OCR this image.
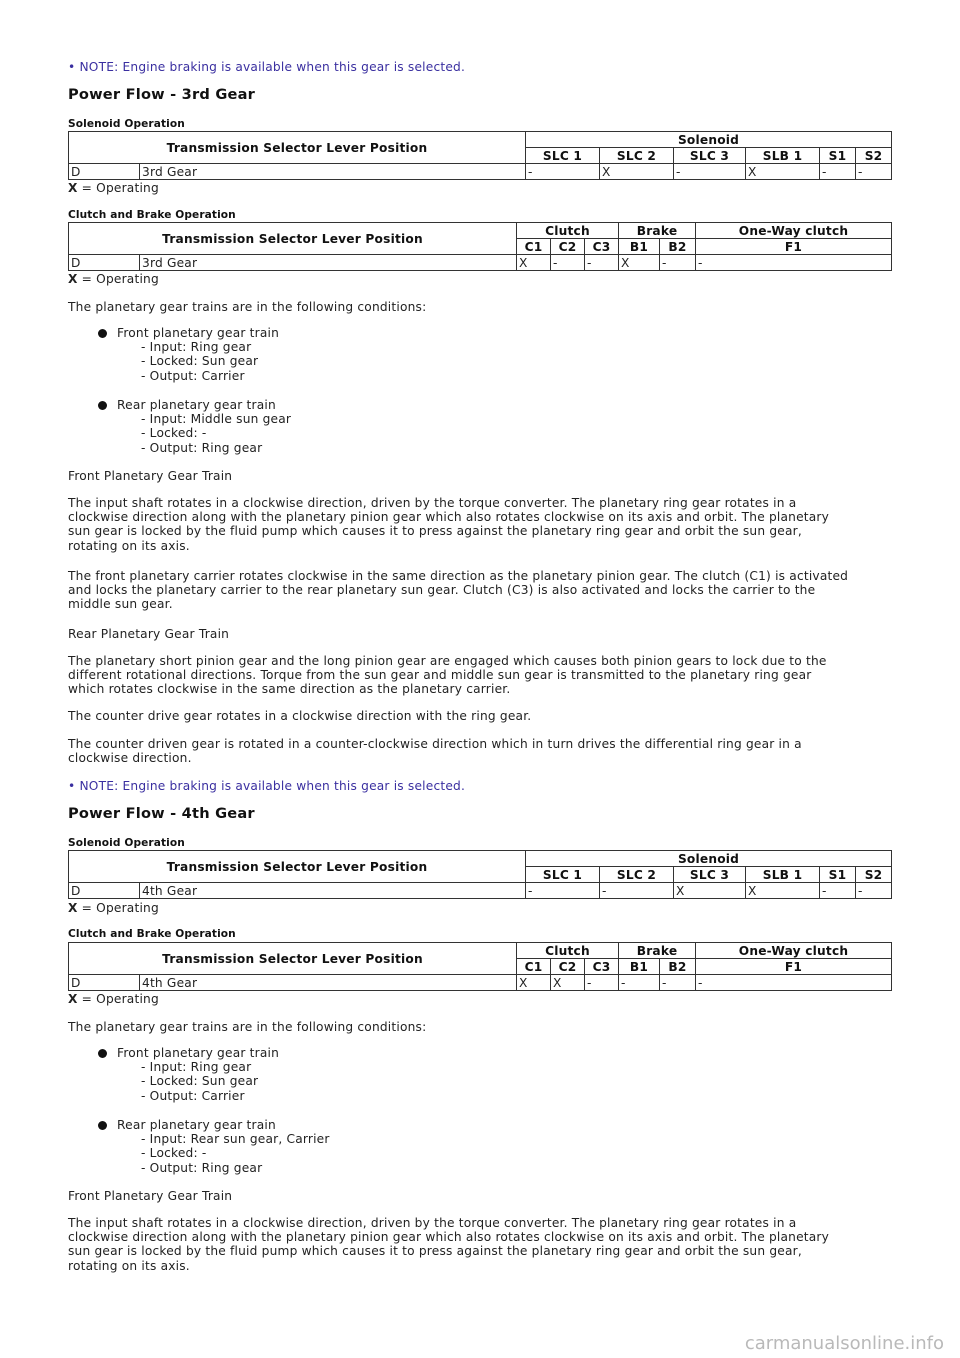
• NOTE: Engine braking is available when this gear is selected.
Power Flow - 3rd Gear
Solenoid Operation
Transmission Selector Lever Position		Solenoid					
		SLC 1	SLC 2	SLC 3	SLB 1	S1	S2
D	3rd Gear	-	X	-	X	-	-
X = Operating
Clutch and Brake Operation
Transmission Selector Lever Position		Clutch			Brake		One-Way clutch
		C1	C2	C3	B1	B2	F1
D	3rd Gear	X	-	-	X	-	-
X = Operating
The planetary gear trains are in the following conditions:
Front planetary gear train
- Input: Ring gear
- Locked: Sun gear
- Output: Carrier
Rear planetary gear train
- Input: Middle sun gear
- Locked: -
- Output: Ring gear
Front Planetary Gear Train
The input shaft rotates in a clockwise direction, driven by the torque converter. The planetary ring gear rotates in a
clockwise direction along with the planetary pinion gear which also rotates clockwise on its axis and orbit. The planetary
sun gear is locked by the fluid pump which causes it to press against the planetary ring gear and orbit the sun gear,
rotating on its axis.
The front planetary carrier rotates clockwise in the same direction as the planetary pinion gear. The clutch (C1) is activated
and locks the planetary carrier to the rear planetary sun gear. Clutch (C3) is also activated and locks the carrier to the
middle sun gear.
Rear Planetary Gear Train
The planetary short pinion gear and the long pinion gear are engaged which causes both pinion gears to lock due to the
different rotational directions. Torque from the sun gear and middle sun gear is transmitted to the planetary ring gear
which rotates clockwise in the same direction as the planetary carrier.
The counter drive gear rotates in a clockwise direction with the ring gear.
The counter driven gear is rotated in a counter-clockwise direction which in turn drives the differential ring gear in a
clockwise direction.
• NOTE: Engine braking is available when this gear is selected.
Power Flow - 4th Gear
Solenoid Operation
Transmission Selector Lever Position		Solenoid					
		SLC 1	SLC 2	SLC 3	SLB 1	S1	S2
D	4th Gear	-	-	X	X	-	-
X = Operating
Clutch and Brake Operation
Transmission Selector Lever Position		Clutch			Brake		One-Way clutch
		C1	C2	C3	B1	B2	F1
D	4th Gear	X	X	-	-	-	-
X = Operating
The planetary gear trains are in the following conditions:
Front planetary gear train
- Input: Ring gear
- Locked: Sun gear
- Output: Carrier
Rear planetary gear train
- Input: Rear sun gear, Carrier
- Locked: -
- Output: Ring gear
Front Planetary Gear Train
The input shaft rotates in a clockwise direction, driven by the torque converter. The planetary ring gear rotates in a
clockwise direction along with the planetary pinion gear which also rotates clockwise on its axis and orbit. The planetary
sun gear is locked by the fluid pump which causes it to press against the planetary ring gear and orbit the sun gear,
rotating on its axis.
carmanualsonline.info
